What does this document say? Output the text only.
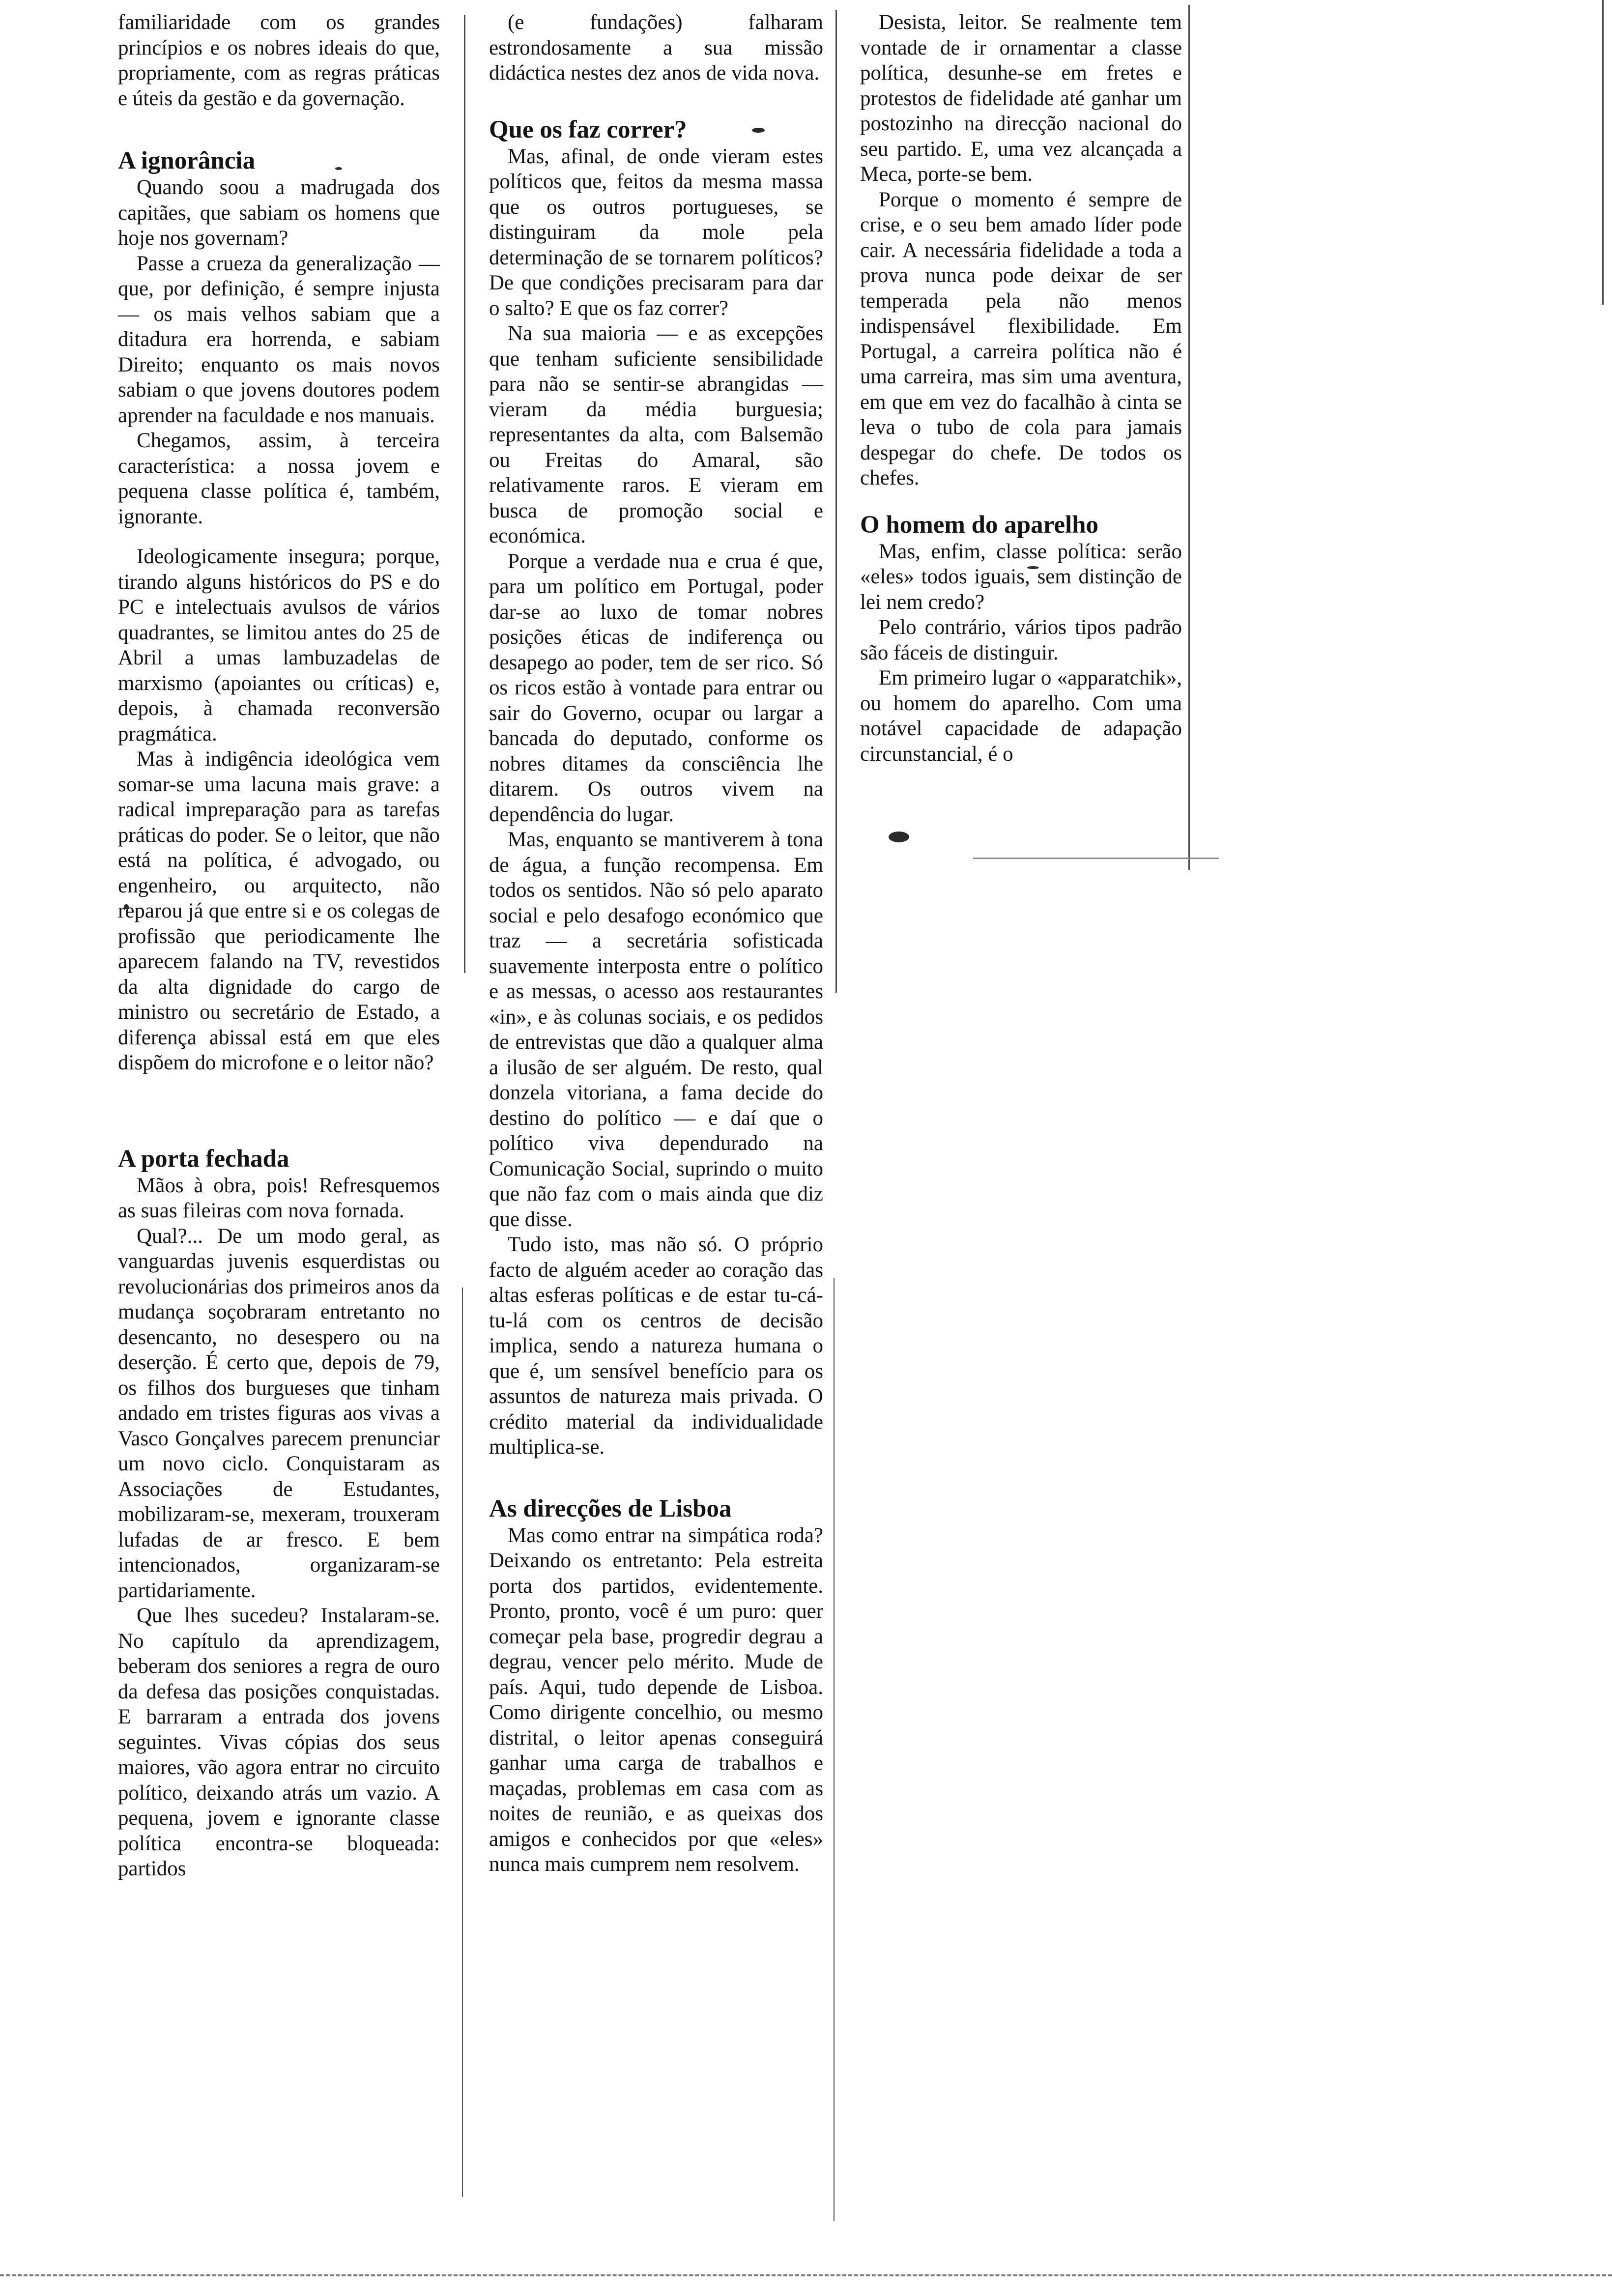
familiaridade com os grandes princípios e os nobres ideais do que, propriamente, com as regras práticas e úteis da gestão e da governação.

A ignorância

Quando soou a madrugada dos capitães, que sabiam os homens que hoje nos governam?

Passe a crueza da generalização — que, por definição, é sempre injusta — os mais velhos sabiam que a ditadura era horrenda, e sabiam Direito; enquanto os mais novos sabiam o que jovens doutores podem aprender na faculdade e nos manuais.

Chegamos, assim, à terceira característica: a nossa jovem e pequena classe política é, também, ignorante.

Ideologicamente insegura; porque, tirando alguns históricos do PS e do PC e intelectuais avulsos de vários quadrantes, se limitou antes do 25 de Abril a umas lambuzadelas de marxismo (apoiantes ou críticas) e, depois, à chamada reconversão pragmática.

Mas à indigência ideológica vem somar-se uma lacuna mais grave: a radical impreparação para as tarefas práticas do poder. Se o leitor, que não está na política, é advogado, ou engenheiro, ou arquitecto, não reparou já que entre si e os colegas de profissão que periodicamente lhe aparecem falando na TV, revestidos da alta dignidade do cargo de ministro ou secretário de Estado, a diferença abissal está em que eles dispõem do microfone e o leitor não?

A porta fechada

Mãos à obra, pois! Refresquemos as suas fileiras com nova fornada.

Qual?... De um modo geral, as vanguardas juvenis esquerdistas ou revolucionárias dos primeiros anos da mudança soçobraram entretanto no desencanto, no desespero ou na deserção. É certo que, depois de 79, os filhos dos burgueses que tinham andado em tristes figuras aos vivas a Vasco Gonçalves parecem prenunciar um novo ciclo. Conquistaram as Associações de Estudantes, mobilizaram-se, mexeram, trouxeram lufadas de ar fresco. E bem intencionados, organizaram-se partidariamente.

Que lhes sucedeu? Instalaram-se. No capítulo da aprendizagem, beberam dos seniores a regra de ouro da defesa das posições conquistadas. E barraram a entrada dos jovens seguintes. Vivas cópias dos seus maiores, vão agora entrar no circuito político, deixando atrás um vazio. A pequena, jovem e ignorante classe política encontra-se bloqueada: partidos

(e fundações) falharam estrondosamente a sua missão didáctica nestes dez anos de vida nova.

Que os faz correr?

Mas, afinal, de onde vieram estes políticos que, feitos da mesma massa que os outros portugueses, se distinguiram da mole pela determinação de se tornarem políticos? De que condições precisaram para dar o salto? E que os faz correr?

Na sua maioria — e as excepções que tenham suficiente sensibilidade para não se sentir-se abrangidas — vieram da média burguesia; representantes da alta, com Balsemão ou Freitas do Amaral, são relativamente raros. E vieram em busca de promoção social e económica.

Porque a verdade nua e crua é que, para um político em Portugal, poder dar-se ao luxo de tomar nobres posições éticas de indiferença ou desapego ao poder, tem de ser rico. Só os ricos estão à vontade para entrar ou sair do Governo, ocupar ou largar a bancada do deputado, conforme os nobres ditames da consciência lhe ditarem. Os outros vivem na dependência do lugar.

Mas, enquanto se mantiverem à tona de água, a função recompensa. Em todos os sentidos. Não só pelo aparato social e pelo desafogo económico que traz — a secretária sofisticada suavemente interposta entre o político e as messas, o acesso aos restaurantes «in», e às colunas sociais, e os pedidos de entrevistas que dão a qualquer alma a ilusão de ser alguém. De resto, qual donzela vitoriana, a fama decide do destino do político — e daí que o político viva dependurado na Comunicação Social, suprindo o muito que não faz com o mais ainda que diz que disse.

Tudo isto, mas não só. O próprio facto de alguém aceder ao coração das altas esferas políticas e de estar tu-cá-tu-lá com os centros de decisão implica, sendo a natureza humana o que é, um sensível benefício para os assuntos de natureza mais privada. O crédito material da individualidade multiplica-se.

As direcções de Lisboa

Mas como entrar na simpática roda? Deixando os entretanto: Pela estreita porta dos partidos, evidentemente. Pronto, pronto, você é um puro: quer começar pela base, progredir degrau a degrau, vencer pelo mérito. Mude de país. Aqui, tudo depende de Lisboa. Como dirigente concelhio, ou mesmo distrital, o leitor apenas conseguirá ganhar uma carga de trabalhos e maçadas, problemas em casa com as noites de reunião, e as queixas dos amigos e conhecidos por que «eles» nunca mais cumprem nem resolvem.

Desista, leitor. Se realmente tem vontade de ir ornamentar a classe política, desunhe-se em fretes e protestos de fidelidade até ganhar um postozinho na direcção nacional do seu partido. E, uma vez alcançada a Meca, porte-se bem.

Porque o momento é sempre de crise, e o seu bem amado líder pode cair. A necessária fidelidade a toda a prova nunca pode deixar de ser temperada pela não menos indispensável flexibilidade. Em Portugal, a carreira política não é uma carreira, mas sim uma aventura, em que em vez do facalhão à cinta se leva o tubo de cola para jamais despegar do chefe. De todos os chefes.

O homem do aparelho

Mas, enfim, classe política: serão «eles» todos iguais, sem distinção de lei nem credo?

Pelo contrário, vários tipos padrão são fáceis de distinguir.

Em primeiro lugar o «apparatchik», ou homem do aparelho. Com uma notável capacidade de adapação circunstancial, é o
